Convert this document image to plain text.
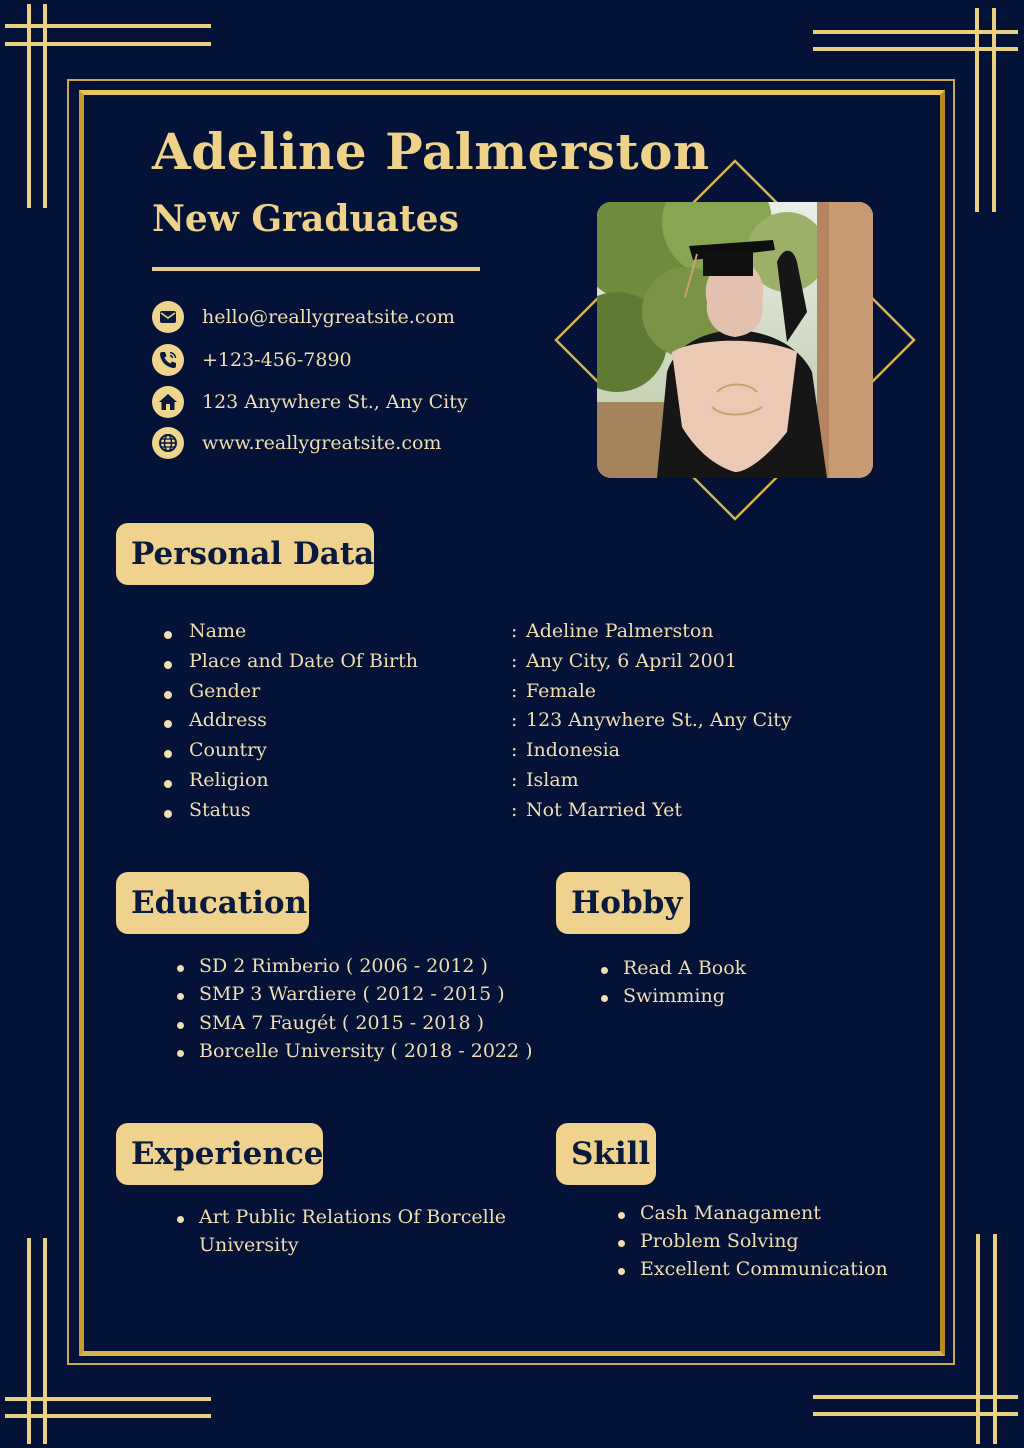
Adeline Palmerston
New Graduates
hello@reallygreatsite.com
+123-456-7890
123 Anywhere St., Any City
www.reallygreatsite.com
Personal Data
Name	: Adeline Palmerston
Place and Date Of Birth	: Any City, 6 April 2001
Gender	: Female
Address	: 123 Anywhere St., Any City
Country	: Indonesia
Religion	: Islam
Status	: Not Married Yet
Education
SD 2 Rimberio ( 2006 - 2012 )
SMP 3 Wardiere ( 2012 - 2015 )
SMA 7 Faugét ( 2015 - 2018 )
Borcelle University ( 2018 - 2022 )
Hobby
Read A Book
Swimming
Experience
Art Public Relations Of Borcelle
University
Skill
Cash Managament
Problem Solving
Excellent Communication
